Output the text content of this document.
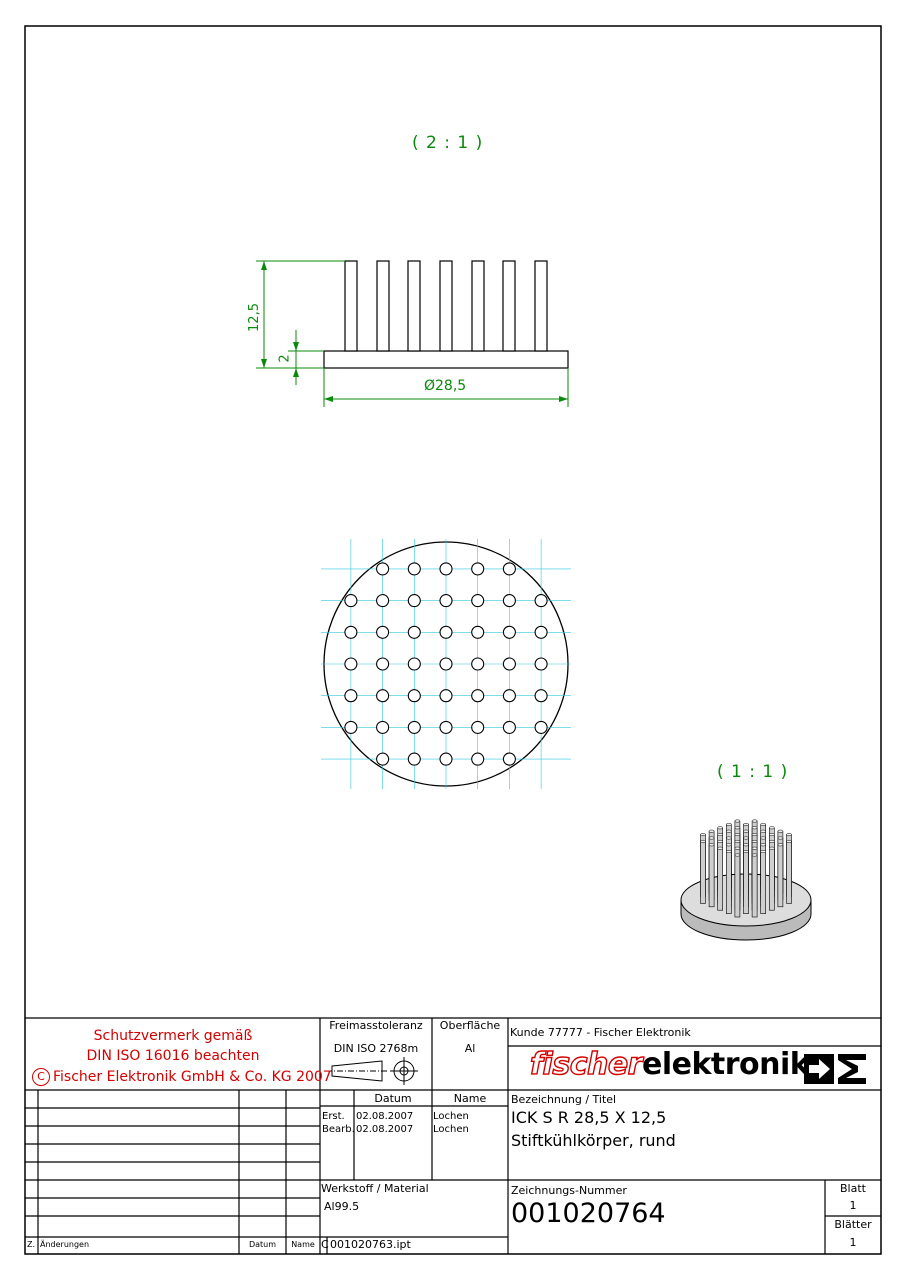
( 2 : 1 )
( 1 : 1 )
12,5
2
Ø28,5
Schutzvermerk gemäß
DIN ISO 16016 beachten
C Fischer Elektronik GmbH & Co. KG 2007
Freimasstoleranz
DIN ISO 2768m
Oberfläche
Al
Kunde 77777 - Fischer Elektronik
fischerelektronik
Datum	Name
Erst. 02.08.2007 Lochen
Bearb. 02.08.2007 Lochen
Bezeichnung / Titel
ICK S R 28,5 X 12,5
Stiftkühlkörper, rund
Werkstoff / Material
Al99.5
Zeichnungs-Nummer
001020764
Blatt
1
Blätter
1
Z. Änderungen	Datum	Name C 001020763.ipt
